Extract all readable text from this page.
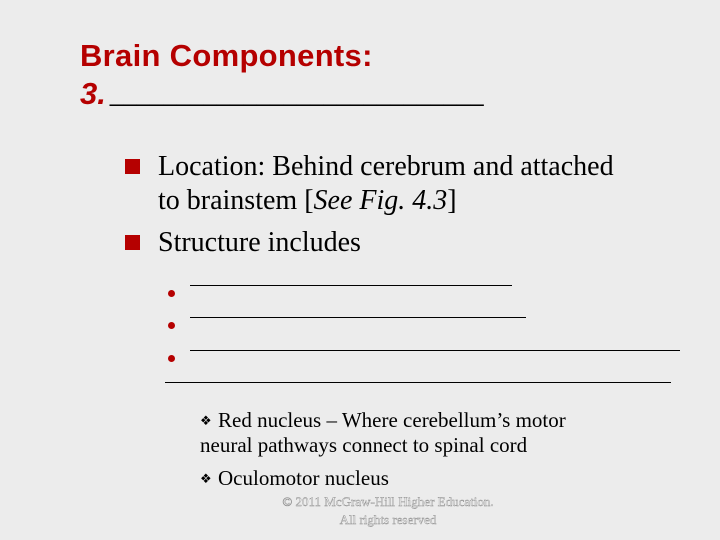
Brain Components:
3. ____________________________
Location: Behind cerebrum and attached
to brainstem [See Fig. 4.3]
Structure includes
❖ Red nucleus – Where cerebellum’s motor
neural pathways connect to spinal cord
❖ Oculomotor nucleus
© 2011 McGraw-Hill Higher Education.
All rights reserved
